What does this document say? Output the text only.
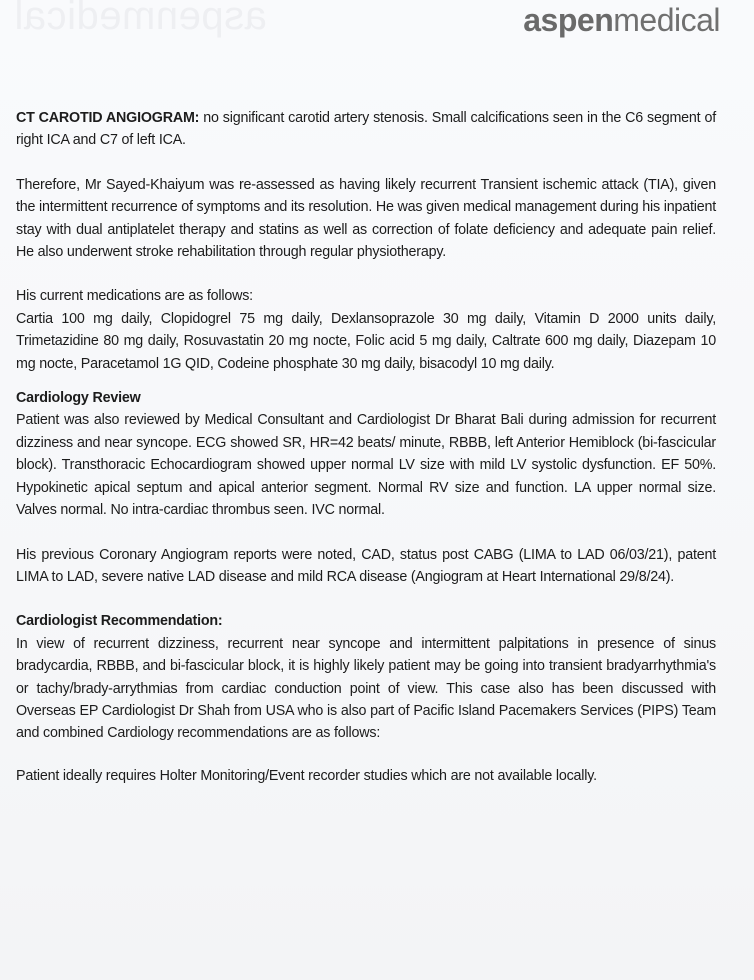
aspenmedical	aspenmedical

CT CAROTID ANGIOGRAM: no significant carotid artery stenosis. Small calcifications seen in the C6 segment of right ICA and C7 of left ICA.

Therefore, Mr Sayed-Khaiyum was re-assessed as having likely recurrent Transient ischemic attack (TIA), given the intermittent recurrence of symptoms and its resolution. He was given medical management during his inpatient stay with dual antiplatelet therapy and statins as well as correction of folate deficiency and adequate pain relief. He also underwent stroke rehabilitation through regular physiotherapy.

His current medications are as follows:

Cartia 100 mg daily , Clopidogrel 75 mg daily , Dexlansoprazole 30 mg daily , Vitamin D 2000 units daily , Trimetazidine 80 mg daily , Rosuvastatin 20 mg nocte , Folic acid 5 mg daily , Caltrate 600 mg daily , Diazepam 10 mg nocte , Paracetamol 1G QID , Codeine phosphate 30 mg daily , bisacodyl 10 mg daily .

Cardiology Review

Patient was also reviewed by Medical Consultant and Cardiologist Dr Bharat Bali during admission for recurrent dizziness and near syncope. ECG showed SR, HR=42 beats/ minute, RBBB, left Anterior Hemiblock (bi-fascicular block). Transthoracic Echocardiogram showed upper normal LV size with mild LV systolic dysfunction. EF 50%. Hypokinetic apical septum and apical anterior segment. Normal RV size and function. LA upper normal size. Valves normal. No intra-cardiac thrombus seen. IVC normal.

His previous Coronary Angiogram reports were noted, CAD, status post CABG (LIMA to LAD 06/03/21), patent LIMA to LAD, severe native LAD disease and mild RCA disease (Angiogram at Heart International 29/8/24).

Cardiologist Recommendation:

In view of recurrent dizziness, recurrent near syncope and intermittent palpitations in presence of sinus bradycardia, RBBB, and bi-fascicular block, it is highly likely patient may be going into transient bradyarrhythmia's or tachy/brady-arrythmias from cardiac conduction point of view. This case also has been discussed with Overseas EP Cardiologist Dr Shah from USA who is also part of Pacific Island Pacemakers Services (PIPS) Team and combined Cardiology recommendations are as follows:

Patient ideally requires Holter Monitoring/Event recorder studies which are not available locally.
